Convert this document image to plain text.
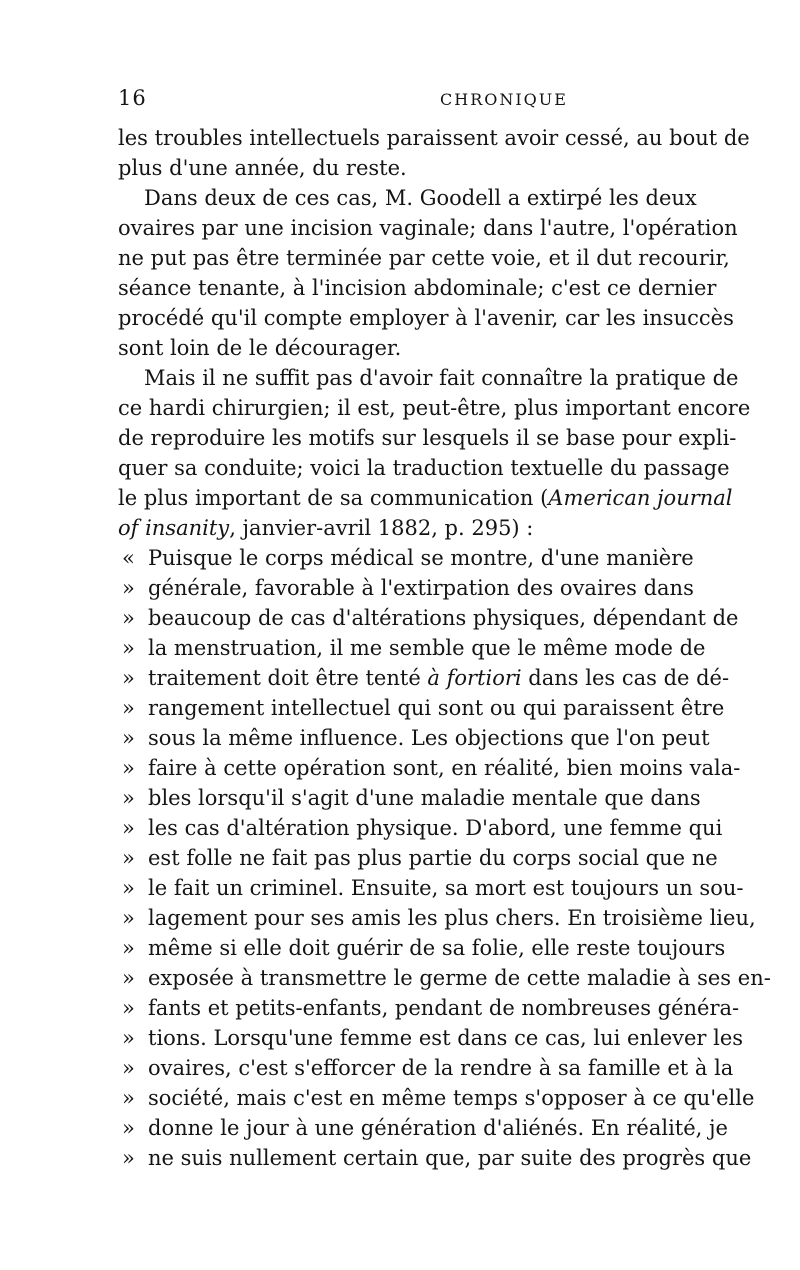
16	CHRONIQUE
les troubles intellectuels paraissent avoir cessé, au bout de
plus d'une année, du reste.
Dans deux de ces cas, M. Goodell a extirpé les deux
ovaires par une incision vaginale; dans l'autre, l'opération
ne put pas être terminée par cette voie, et il dut recourir,
séance tenante, à l'incision abdominale; c'est ce dernier
procédé qu'il compte employer à l'avenir, car les insuccès
sont loin de le décourager.
Mais il ne suffit pas d'avoir fait connaître la pratique de
ce hardi chirurgien; il est, peut-être, plus important encore
de reproduire les motifs sur lesquels il se base pour expli-
quer sa conduite; voici la traduction textuelle du passage
le plus important de sa communication (American journal
of insanity, janvier-avril 1882, p. 295) :
« Puisque le corps médical se montre, d'une manière
» générale, favorable à l'extirpation des ovaires dans
» beaucoup de cas d'altérations physiques, dépendant de
» la menstruation, il me semble que le même mode de
» traitement doit être tenté à fortiori dans les cas de dé-
» rangement intellectuel qui sont ou qui paraissent être
» sous la même influence. Les objections que l'on peut
» faire à cette opération sont, en réalité, bien moins vala-
» bles lorsqu'il s'agit d'une maladie mentale que dans
» les cas d'altération physique. D'abord, une femme qui
» est folle ne fait pas plus partie du corps social que ne
» le fait un criminel. Ensuite, sa mort est toujours un sou-
» lagement pour ses amis les plus chers. En troisième lieu,
» même si elle doit guérir de sa folie, elle reste toujours
» exposée à transmettre le germe de cette maladie à ses en-
» fants et petits-enfants, pendant de nombreuses généra-
» tions. Lorsqu'une femme est dans ce cas, lui enlever les
» ovaires, c'est s'efforcer de la rendre à sa famille et à la
» société, mais c'est en même temps s'opposer à ce qu'elle
» donne le jour à une génération d'aliénés. En réalité, je
» ne suis nullement certain que, par suite des progrès que
